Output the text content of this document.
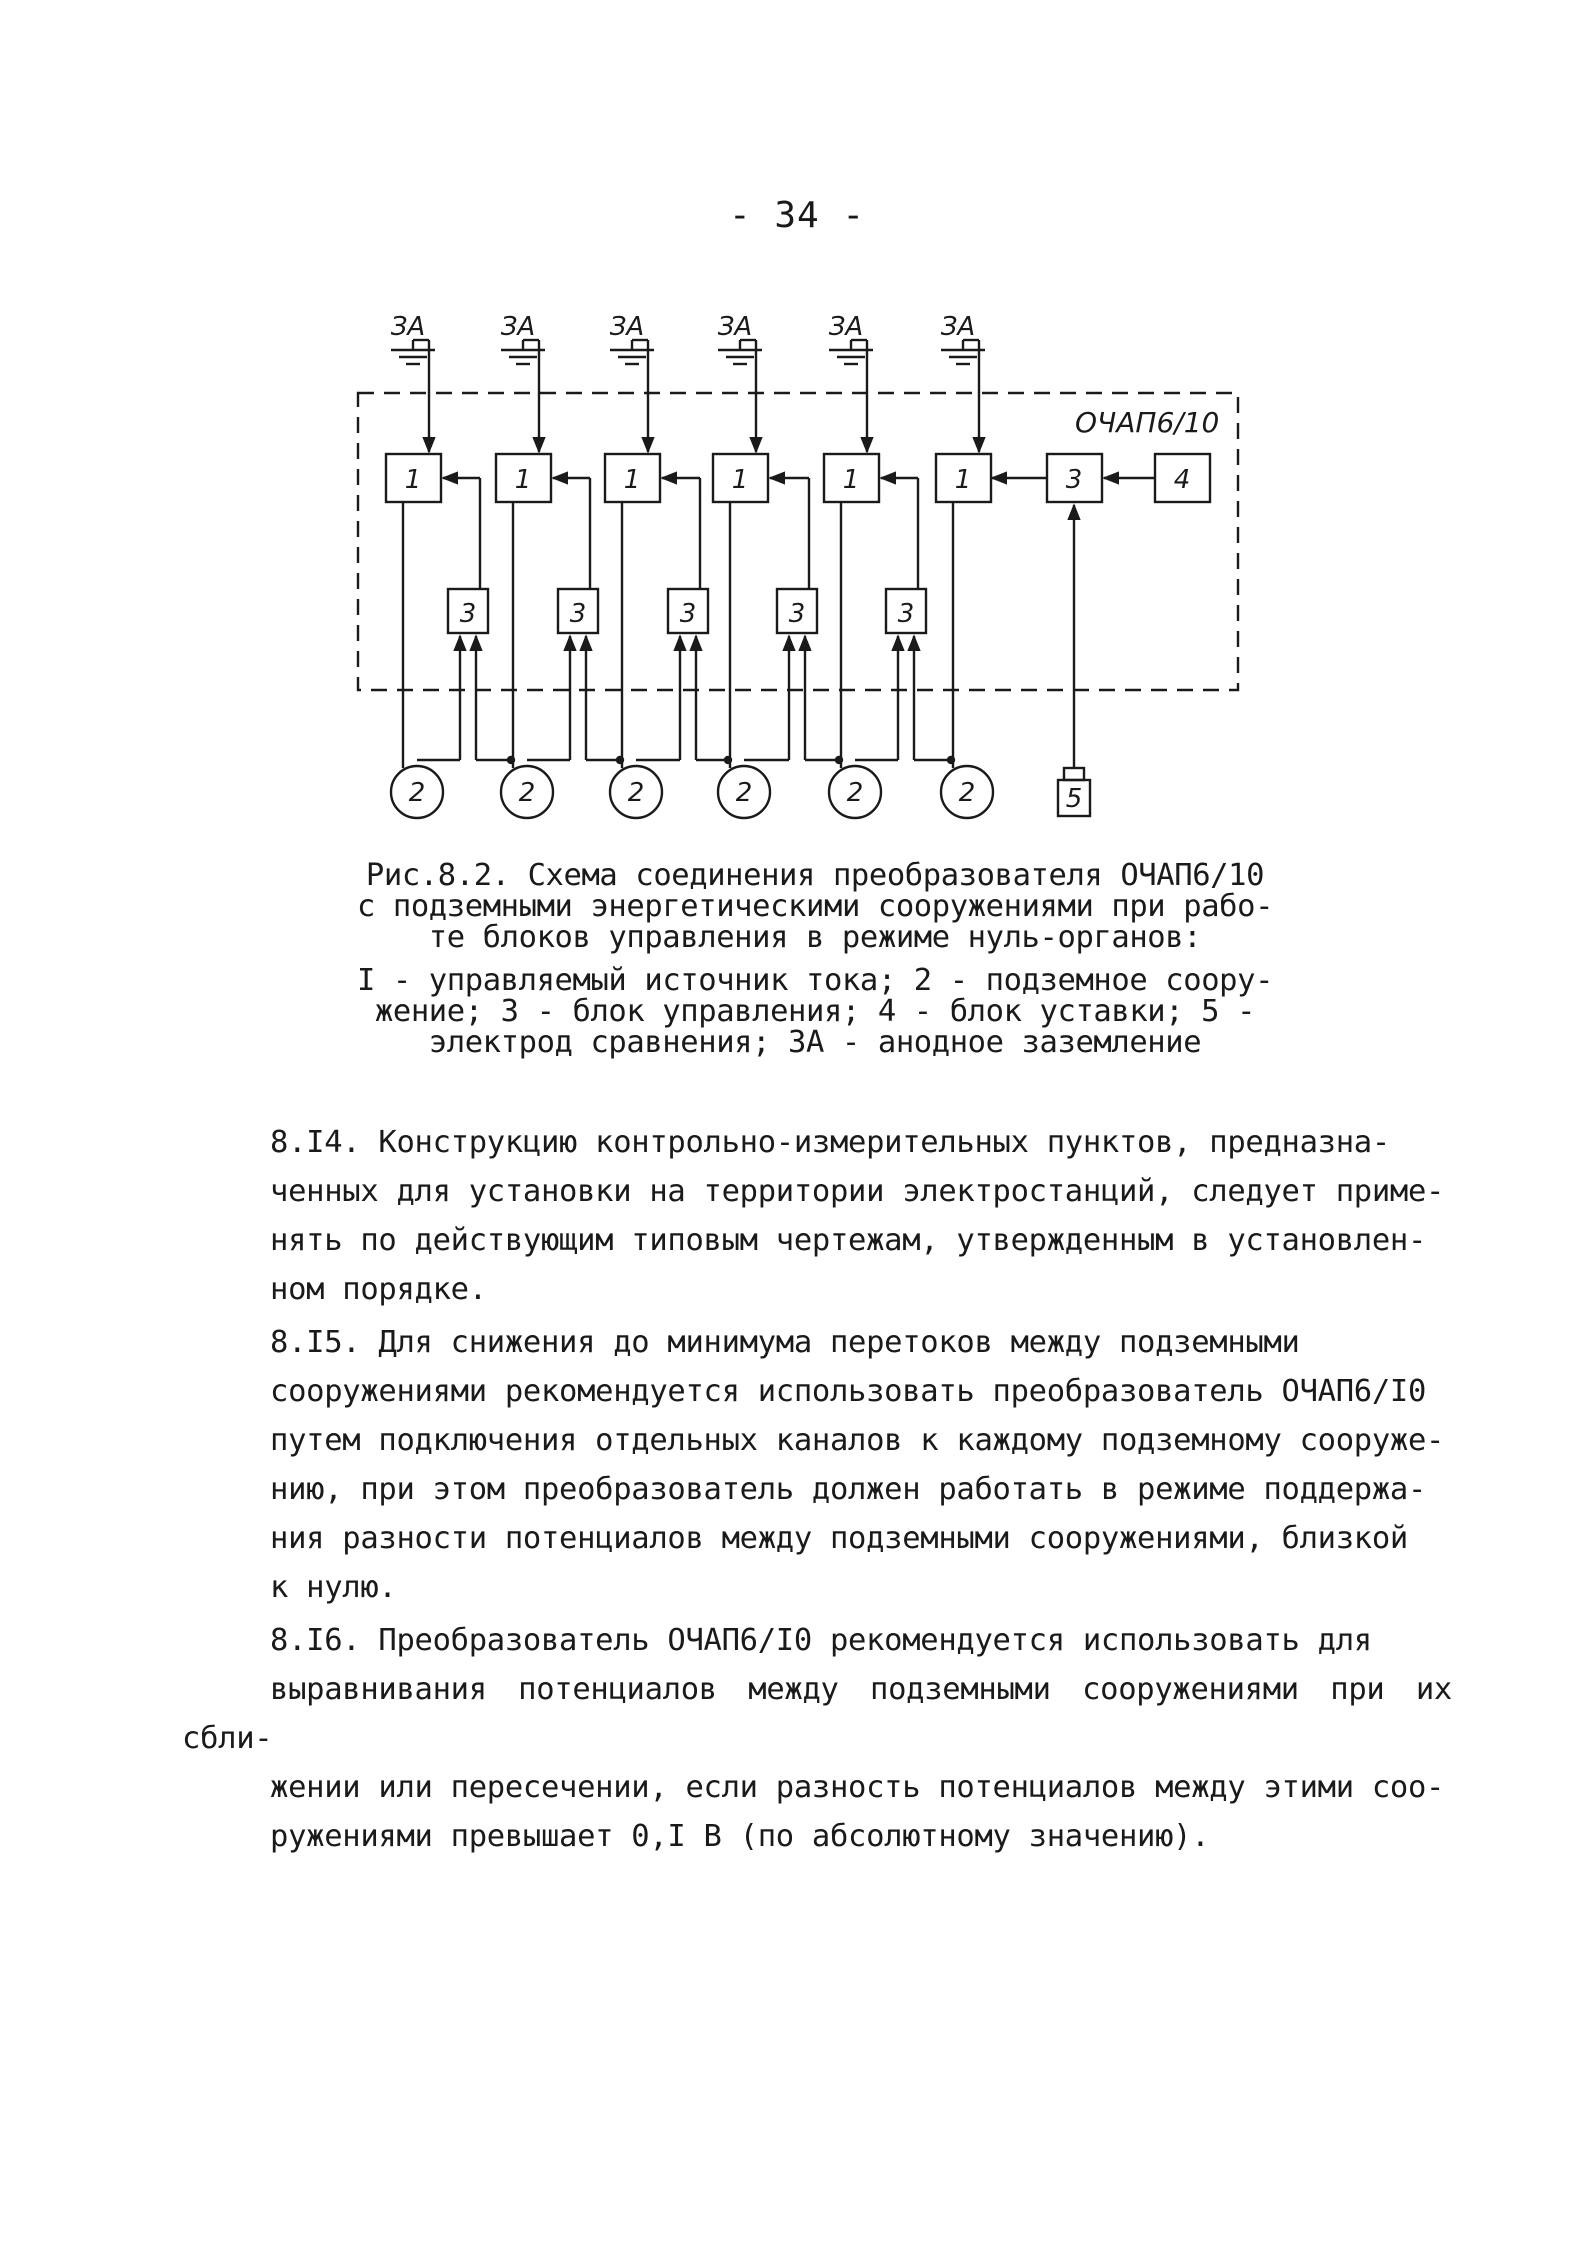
- 34 -
ЗА
1
2
ЗА
1
2
ЗА
1
2
ЗА
1
2
ЗА
1
2
ЗА
1
2
3	3	3	3	3
3	4
5
ОЧАП6/10

Рис.8.2. Схема соединения преобразователя ОЧАП6/10

с подземными энергетическими сооружениями при рабо-

те блоков управления в режиме нуль-органов:

I - управляемый источник тока; 2 - подземное соору-

жение; 3 - блок управления; 4 - блок уставки; 5 -

электрод сравнения; ЗА - анодное заземление

8.I4. Конструкцию контрольно-измерительных пунктов, предназна-
ченных для установки на территории электростанций, следует приме-
нять по действующим типовым чертежам, утвержденным в установлен-
ном порядке.
8.I5. Для снижения до минимума перетоков между подземными
сооружениями рекомендуется использовать преобразователь ОЧАП6/I0
путем подключения отдельных каналов к каждому подземному сооруже-
нию, при этом преобразователь должен работать в режиме поддержа-
ния разности потенциалов между подземными сооружениями, близкой
к нулю.
8.I6. Преобразователь ОЧАП6/I0 рекомендуется использовать для
выравнивания потенциалов между подземными сооружениями при их сбли-
жении или пересечении, если разность потенциалов между этими соо-
ружениями превышает 0,I В (по абсолютному значению).
